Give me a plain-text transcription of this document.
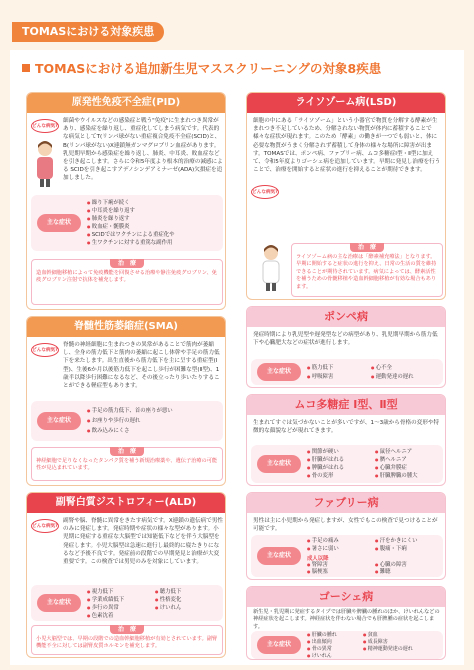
TOMASにおける対象疾患
TOMASにおける追加新生児マススクリーニングの対象8疾患
原発性免疫不全症(PID)
どんな病気?
細菌やウイルスなどの感染症と戦う"免疫"に生まれつき異常があり、感染症を繰り返し、重症化してしまう病気です。代表的な病気としてT(リンパ球がない重症複合免疫不全症(SCID)と、B(リンパ球がない)X連鎖無ガンマグロブリン血症があります。乳児期早期から感染症を繰り返し、肺炎、中耳炎、敗血症などを引き起こします。さらに令和5年度より根本的治療の減感による SCIDを引き起こすアデノシンデアミナーゼ(ADA)欠損症を追加しました。
主な症状
● 繰り下痢が続く
● 中耳炎を繰り返す
● 肺炎を繰り返す
● 敗血症・髄膜炎
● SCIDではワクチンによる重症化や
● 生ワクチンに対する重篤な副作用
治　療
造血幹細胞移植によって免疫機能を回復させる治療や静注免疫グロブリン、免疫グロブリン注射で抗体を補充します。
脊髄性筋萎縮症(SMA)
どんな病気?
脊髄の神経細胞に生まれつきの異常があることで筋肉が萎縮し、全身の筋力低下と筋肉の萎縮に起こし体幹や手足の筋力低下を来たします。出生直後から筋力低下を主に呈する重症型(Ⅰ型)、生後6か月以後筋力低下を起こし歩行が困難な型(Ⅱ型)、1歳半以降歩行困難になるなど、その後立ったり歩いたりすることができる軽症型もあります。
主な症状
● 手足の筋力低下、首の座りが悪い
● お座りや歩行の遅れ
● 飲み込みにくさ
治　療
神経細胞で足りなくなったタンパク質を補う新規治療薬や、遺伝子治療の可能性が見込まれています。
副腎白質ジストロフィー(ALD)
どんな病気?
副腎や脳、脊髄に異常をきたす病気です。X連鎖の遺伝病で男性のみに発症します。発症時期や症状の様々な型があります。小児期に発症する重症な大脳型では知能低下などを伴う大脳型を発症します。小児大脳型は急速に進行し最終的に寝たきりになるなど予後不良です。発症前の段階での早期発見と治療が大変重要です。この検査では男児のみを対象にしています。
主な症状
● 視力低下
● 学業成績低下
● 歩行の異常
● 色素沈着
● 聴力低下
● 性格変化
● けいれん
治　療
小児大脳型では、早期の段階での造血幹細胞移植が有効とされています。副腎機能不全に対しては副腎皮質ホルモンを補充します。
ライソゾーム病(LSD)
細胞の中にある「ライソゾーム」という小器官で物質を分解する酵素が生まれつき不足しているため、分解されない物質が体内に蓄積することで様々な症状が現れます。このため「酵素」の働きが一つでも弱いと、体に必要な物質がうまく分解されず蓄積して身体の様々な場所に障害が出ます。TOMASでは、ポンペ病、ファブリー病、ムコ多糖症Ⅰ型・Ⅱ型に加えて、令和5年度よりゴーシェ病を追加しています。早期に発見し治療を行うことで、治療を開始すると症状の進行を抑えることが期待できます。
どんな病気?
治　療
ライソゾーム病の主な治療は「酵素補充療法」となります。早期に開始すると症状の進行を抑え、日常の生活の質を維持できることが期待されています。病気によっては、酵素活性を補うための骨髄移植や造血幹細胞移植が有効な場合もあります。
ポンペ病
発症時期により乳児型や遅発型などの病型があり、乳児期早期から筋力低下や心臓肥大などの症状が進行します。
主な症状
●	筋力低下
● 呼吸障害
● 心不全
● 運動発達の遅れ
ムコ多糖症 Ⅰ型、Ⅱ型
生まれてすぐは気づかないことが多いですが、1～3歳から骨格の変形や特徴的な顔貌などが現れてきます。
主な症状
● 関節が硬い
● 肝臓がはれる
● 脾臓がはれる
● 骨の変形
● 鼠径ヘルニア
● 臍ヘルニア
● 心臓弁膜症
● 肝臓脾臓の腫大
ファブリー病
男性は主に小児期から発症しますが、女性でもこの検査で見つけることが可能です。
主な症状
● 手足の痛み
● 暑さに弱い
● 汗をかきにくい
● 腹痛・下痢
成人以降
● 腎障害
● 脳梗塞
● 心臓の障害
● 難聴
ゴーシェ病
新生児・乳児期に発症するタイプでは肝臓や脾臓の腫れのほか、けいれんなどの神経症状を起こします。神経症状を伴わない場合でも肝脾腫の症状を起こします。
主な症状
● 肝臓の腫れ
● 出血傾向
● 骨の異常
● けいれん
● 貧血
● 成長障害
● 精神運動発達の遅れ
